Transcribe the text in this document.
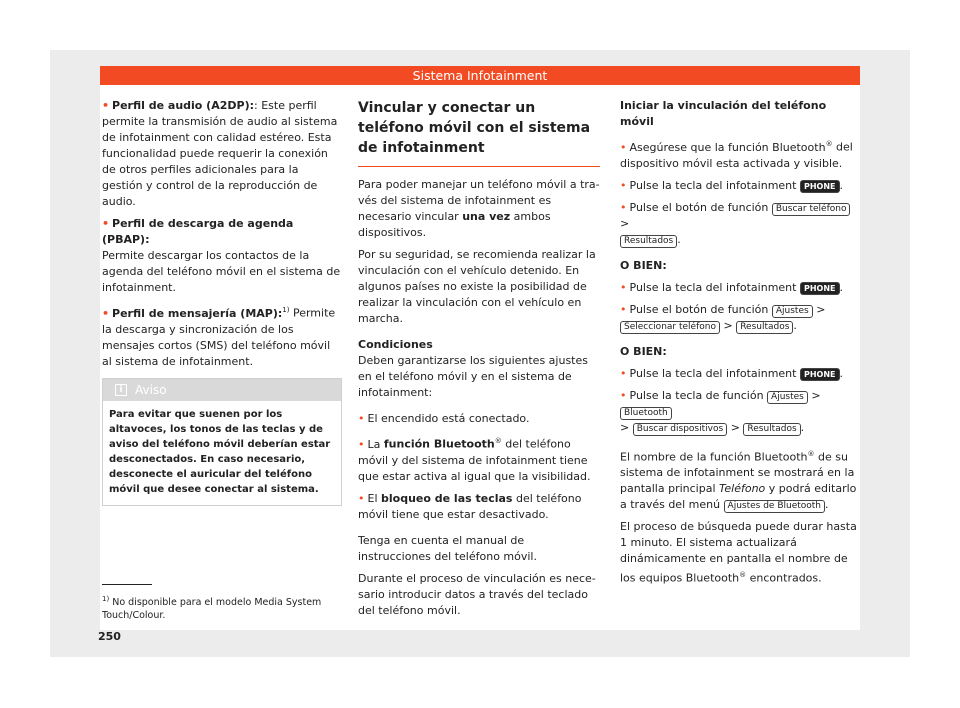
Sistema Infotainment

• Perfil de audio (A2DP):: Este perfil permite la transmisión de audio al sistema de infotainment con calidad estéreo. Esta funcionalidad puede requerir la conexión de otros perfiles adicionales para la gestión y control de la reproducción de audio.

• Perfil de descarga de agenda (PBAP):
Permite descargar los contactos de la agenda del teléfono móvil en el sistema de infotainment.

• Perfil de mensajería (MAP):$^{1)}$ Permite la descarga y sincronización de los mensajes cortos (SMS) del teléfono móvil al sistema de infotainment.

i	Aviso
Para evitar que suenen por los altavoces, los tonos de las teclas y de aviso del teléfono móvil deberían estar desconectados. En caso necesario, desconecte el auricular del teléfono móvil que desee conectar al sistema.
Vincular y conectar un teléfono móvil con el sistema de infotainment

Para poder manejar un teléfono móvil a través del sistema de infotainment es necesario vincular una vez ambos dispositivos.

Por su seguridad, se recomienda realizar la vinculación con el vehículo detenido. En algunos países no existe la posibilidad de realizar la vinculación con el vehículo en marcha.

Condiciones
Deben garantizarse los siguientes ajustes en el teléfono móvil y en el sistema de infotainment:

• El encendido está conectado.

• La función Bluetooth® del teléfono móvil y del sistema de infotainment tiene que estar activa al igual que la visibilidad.

• El bloqueo de las teclas del teléfono móvil tiene que estar desactivado.

Tenga en cuenta el manual de instrucciones del teléfono móvil.

Durante el proceso de vinculación es necesario introducir datos a través del teclado del teléfono móvil.

Iniciar la vinculación del teléfono móvil

• Asegúrese que la función Bluetooth® del dispositivo móvil esta activada y visible.

• Pulse la tecla del infotainment PHONE .

• Pulse el botón de función Buscar teléfono >
Resultados .

O BIEN:

• Pulse la tecla del infotainment PHONE .

• Pulse el botón de función Ajustes >
Seleccionar teléfono > Resultados .

O BIEN:

• Pulse la tecla del infotainment PHONE .

• Pulse la tecla de función Ajustes > Bluetooth
> Buscar dispositivos > Resultados .

El nombre de la función Bluetooth® de su sistema de infotainment se mostrará en la pantalla principal Teléfono y podrá editarlo a través del menú Ajustes de Bluetooth .

El proceso de búsqueda puede durar hasta 1 minuto. El sistema actualizará dinámicamente en pantalla el nombre de los equipos Bluetooth® encontrados.

$^{1)}$ No disponible para el modelo Media System Touch/Colour.
250
